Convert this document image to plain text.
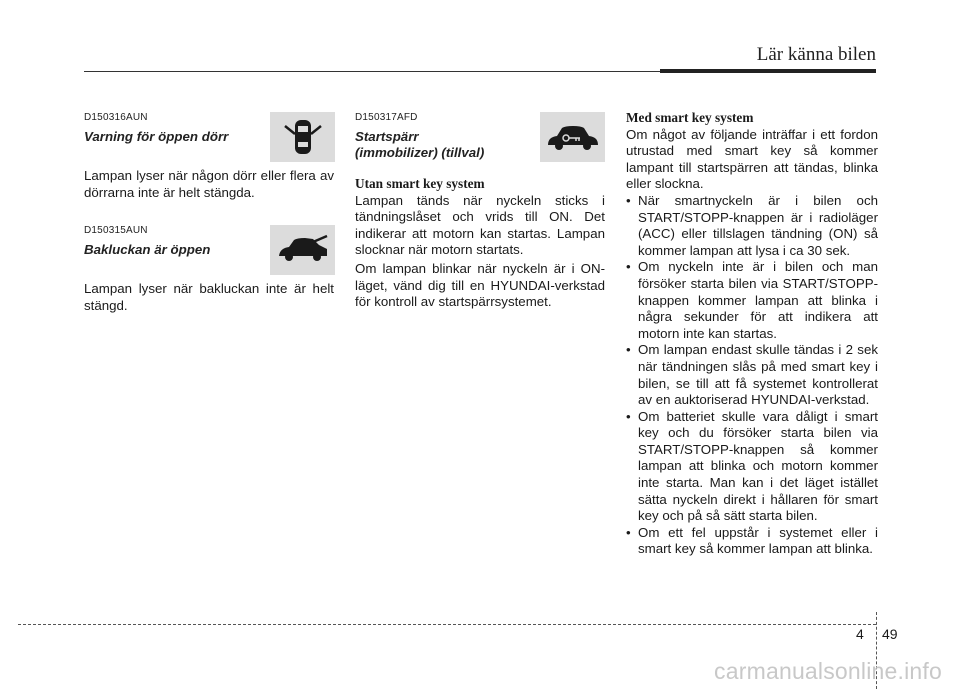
Lär känna bilen
D150316AUN
Varning för öppen dörr

Lampan lyser när någon dörr eller flera av dörrarna inte är helt stängda.

D150315AUN
Bakluckan är öppen

Lampan lyser när bakluckan inte är helt stängd.

D150317AFD
Startspärr
(immobilizer) (tillval)
Utan smart key system

Lampan tänds när nyckeln sticks i tändningslåset och vrids till ON. Det indikerar att motorn kan startas. Lampan slocknar när motorn startats.

Om lampan blinkar när nyckeln är i ON-läget, vänd dig till en HYUNDAI-verkstad för kontroll av startspärrsystemet.

Med smart key system

Om något av följande inträffar i ett fordon utrustad med smart key så kommer lampant till startspärren att tändas, blinka eller slockna.

• När smartnyckeln är i bilen och START/STOPP-knappen är i radioläger (ACC) eller tillslagen tändning (ON) så kommer lampan att lysa i ca 30 sek.
• Om nyckeln inte är i bilen och man försöker starta bilen via START/STOPP-knappen kommer lampan att blinka i några sekunder för att indikera att motorn inte kan startas.
• Om lampan endast skulle tändas i 2 sek när tändningen slås på med smart key i bilen, se till att få systemet kontrollerat av en auktoriserad HYUNDAI-verkstad.
• Om batteriet skulle vara dåligt i smart key och du försöker starta bilen via START/STOPP-knappen så kommer lampan att blinka och motorn kommer inte starta. Man kan i det läget istället sätta nyckeln direkt i hållaren för smart key och på så sätt starta bilen.
• Om ett fel uppstår i systemet eller i smart key så kommer lampan att blinka.
4 49
carmanualsonline.info
